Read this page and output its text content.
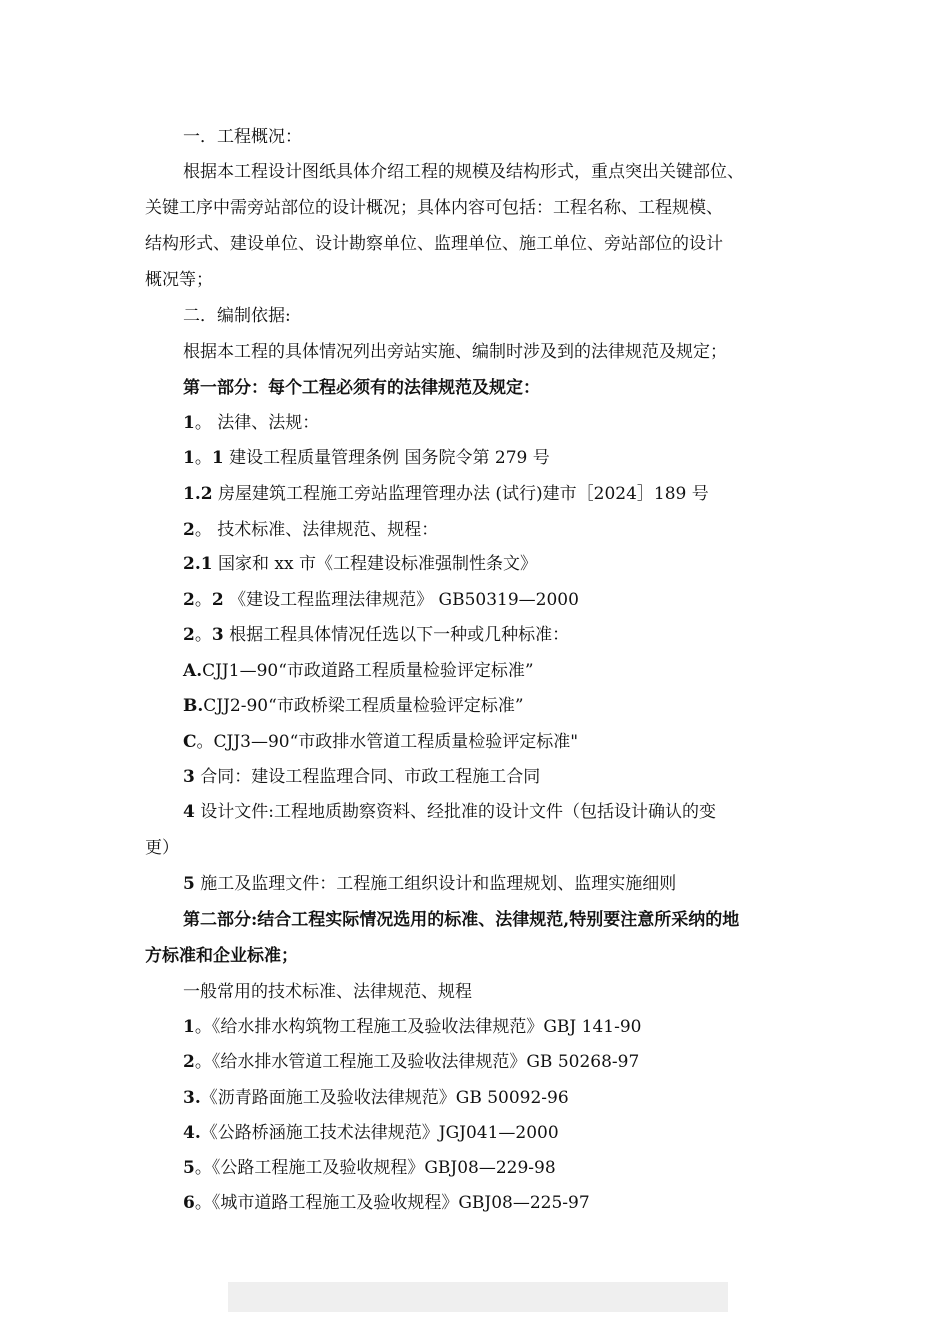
一．工程概况：
根据本工程设计图纸具体介绍工程的规模及结构形式，重点突出关键部位、
关键工序中需旁站部位的设计概况；具体内容可包括：工程名称、工程规模、
结构形式、建设单位、设计勘察单位、监理单位、施工单位、旁站部位的设计
概况等；
二．编制依据:
根据本工程的具体情况列出旁站实施、编制时涉及到的法律规范及规定；
第一部分：每个工程必须有的法律规范及规定：
1。 法律、法规：
1。1 建设工程质量管理条例 国务院令第 279 号
1.2 房屋建筑工程施工旁站监理管理办法 (试行)建市［2024］189 号
2。 技术标准、法律规范、规程：
2.1 国家和 xx 市《工程建设标准强制性条文》
2。2 《建设工程监理法律规范》 GB50319—2000
2。3 根据工程具体情况任选以下一种或几种标准：
A.CJJ1—90“市政道路工程质量检验评定标准”
B.CJJ2-90“市政桥梁工程质量检验评定标准”
C。CJJ3—90“市政排水管道工程质量检验评定标准"
3 合同：建设工程监理合同、市政工程施工合同
4 设计文件:工程地质勘察资料、经批准的设计文件（包括设计确认的变
更）
5 施工及监理文件：工程施工组织设计和监理规划、监理实施细则
第二部分:结合工程实际情况选用的标准、法律规范,特别要注意所采纳的地
方标准和企业标准；
一般常用的技术标准、法律规范、规程
1。《给水排水构筑物工程施工及验收法律规范》GBJ 141-90
2。《给水排水管道工程施工及验收法律规范》GB 50268-97
3.《沥青路面施工及验收法律规范》GB 50092-96
4.《公路桥涵施工技术法律规范》JGJ041—2000
5。《公路工程施工及验收规程》GBJ08—229-98
6。《城市道路工程施工及验收规程》GBJ08—225-97
